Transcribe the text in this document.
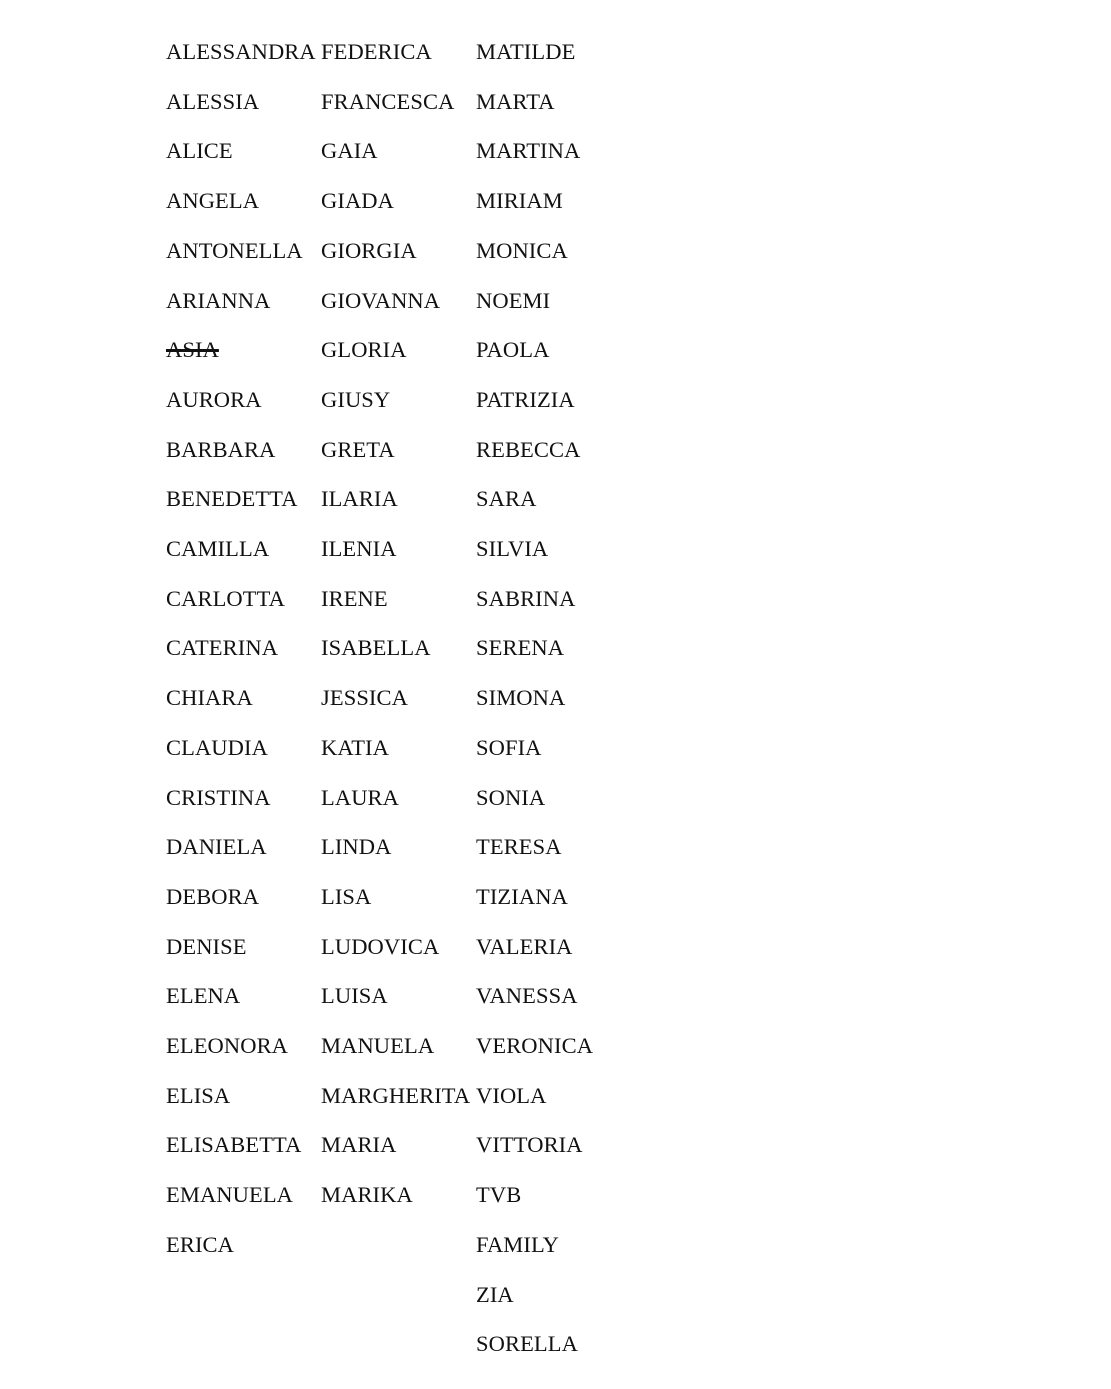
ALESSANDRA
ALESSIA
ALICE
ANGELA
ANTONELLA
ARIANNA
ASIA
AURORA
BARBARA
BENEDETTA
CAMILLA
CARLOTTA
CATERINA
CHIARA
CLAUDIA
CRISTINA
DANIELA
DEBORA
DENISE
ELENA
ELEONORA
ELISA
ELISABETTA
EMANUELA
ERICA
FEDERICA
FRANCESCA
GAIA
GIADA
GIORGIA
GIOVANNA
GLORIA
GIUSY
GRETA
ILARIA
ILENIA
IRENE
ISABELLA
JESSICA
KATIA
LAURA
LINDA
LISA
LUDOVICA
LUISA
MANUELA
MARGHERITA
MARIA
MARIKA
MATILDE
MARTA
MARTINA
MIRIAM
MONICA
NOEMI
PAOLA
PATRIZIA
REBECCA
SARA
SILVIA
SABRINA
SERENA
SIMONA
SOFIA
SONIA
TERESA
TIZIANA
VALERIA
VANESSA
VERONICA
VIOLA
VITTORIA
TVB
FAMILY
ZIA
SORELLA
